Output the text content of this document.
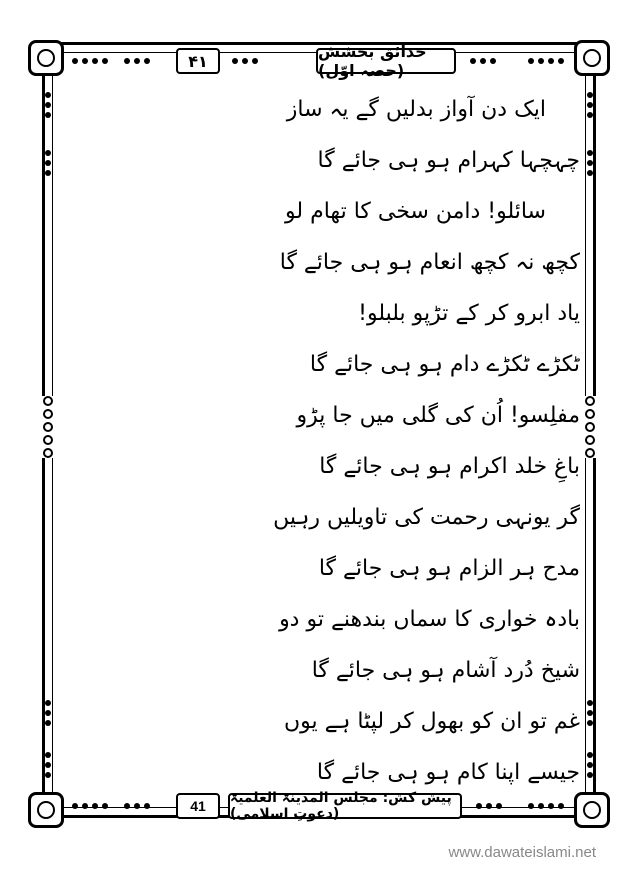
حدائق بخشش (حصہ اوّل)
۴۱
ایک دن آواز بدلیں گے یہ ساز
چہچہا کہرام ہو ہی جائے گا
سائلو! دامن سخی کا تھام لو
کچھ نہ کچھ انعام ہو ہی جائے گا
یاد ابرو کر کے تڑپو بلبلو!
ٹکڑے ٹکڑے دام ہو ہی جائے گا
مفلِسو! اُن کی گلی میں جا پڑو
باغِ خلد اکرام ہو ہی جائے گا
گر یونہی رحمت کی تاویلیں رہیں
مدح ہر الزام ہو ہی جائے گا
بادہ خواری کا سماں بندھنے تو دو
شیخ دُرد آشام ہو ہی جائے گا
غم تو ان کو بھول کر لپٹا ہے یوں
جیسے اپنا کام ہو ہی جائے گا
پیش کش: مجلس المدینۃ العلمیۃ (دعوتِ اسلامی)
41
www.dawateislami.net
